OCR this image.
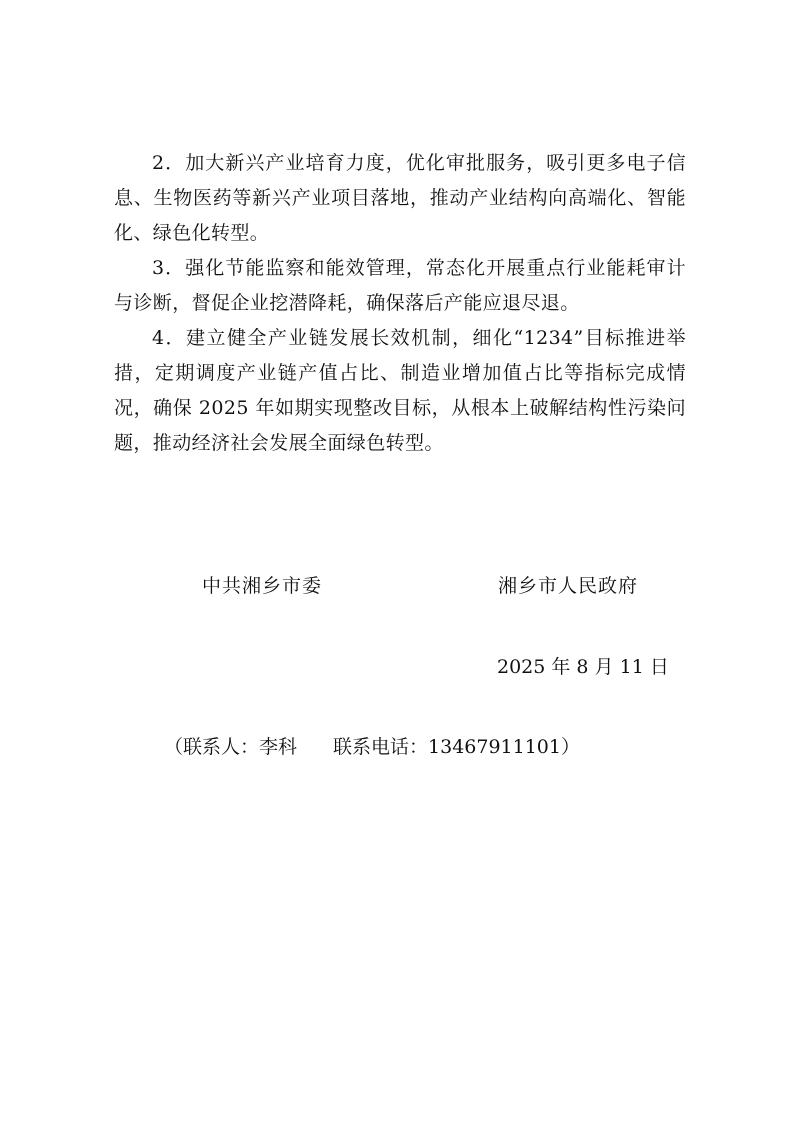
2．加大新兴产业培育力度，优化审批服务，吸引更多电子信息、生物医药等新兴产业项目落地，推动产业结构向高端化、智能化、绿色化转型。

3．强化节能监察和能效管理，常态化开展重点行业能耗审计与诊断，督促企业挖潜降耗，确保落后产能应退尽退。

4．建立健全产业链发展长效机制，细化“1234”目标推进举措，定期调度产业链产值占比、制造业增加值占比等指标完成情况，确保 2025 年如期实现整改目标，从根本上破解结构性污染问题，推动经济社会发展全面绿色转型。

中共湘乡市委	湘乡市人民政府
2025 年 8 月 11 日
（联系人：李科 联系电话：13467911101）
